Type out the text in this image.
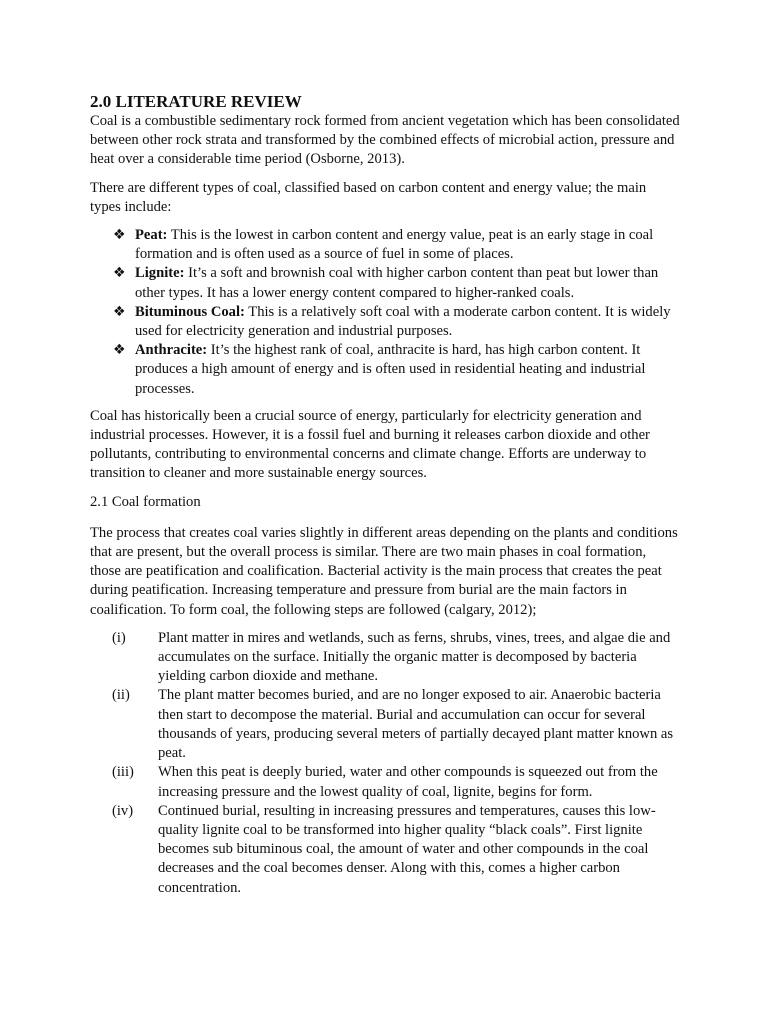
2.0 LITERATURE REVIEW

Coal is a combustible sedimentary rock formed from ancient vegetation which has been consolidated between other rock strata and transformed by the combined effects of microbial action, pressure and heat over a considerable time period (Osborne, 2013).

There are different types of coal, classified based on carbon content and energy value; the main types include:

❖ Peat: This is the lowest in carbon content and energy value, peat is an early stage in coal formation and is often used as a source of fuel in some of places.
❖ Lignite: It’s a soft and brownish coal with higher carbon content than peat but lower than other types. It has a lower energy content compared to higher-ranked coals.
❖ Bituminous Coal: This is a relatively soft coal with a moderate carbon content. It is widely used for electricity generation and industrial purposes.
❖ Anthracite: It’s the highest rank of coal, anthracite is hard, has high carbon content. It produces a high amount of energy and is often used in residential heating and industrial processes.

Coal has historically been a crucial source of energy, particularly for electricity generation and industrial processes. However, it is a fossil fuel and burning it releases carbon dioxide and other pollutants, contributing to environmental concerns and climate change. Efforts are underway to transition to cleaner and more sustainable energy sources.

2.1 Coal formation

The process that creates coal varies slightly in different areas depending on the plants and conditions that are present, but the overall process is similar. There are two main phases in coal formation, those are peatification and coalification. Bacterial activity is the main process that creates the peat during peatification. Increasing temperature and pressure from burial are the main factors in coalification. To form coal, the following steps are followed (calgary, 2012);

(i) Plant matter in mires and wetlands, such as ferns, shrubs, vines, trees, and algae die and accumulates on the surface. Initially the organic matter is decomposed by bacteria yielding carbon dioxide and methane.
(ii) The plant matter becomes buried, and are no longer exposed to air. Anaerobic bacteria then start to decompose the material. Burial and accumulation can occur for several thousands of years, producing several meters of partially decayed plant matter known as peat.
(iii) When this peat is deeply buried, water and other compounds is squeezed out from the increasing pressure and the lowest quality of coal, lignite, begins for form.
(iv) Continued burial, resulting in increasing pressures and temperatures, causes this low-quality lignite coal to be transformed into higher quality “black coals”. First lignite becomes sub bituminous coal, the amount of water and other compounds in the coal decreases and the coal becomes denser. Along with this, comes a higher carbon concentration.
